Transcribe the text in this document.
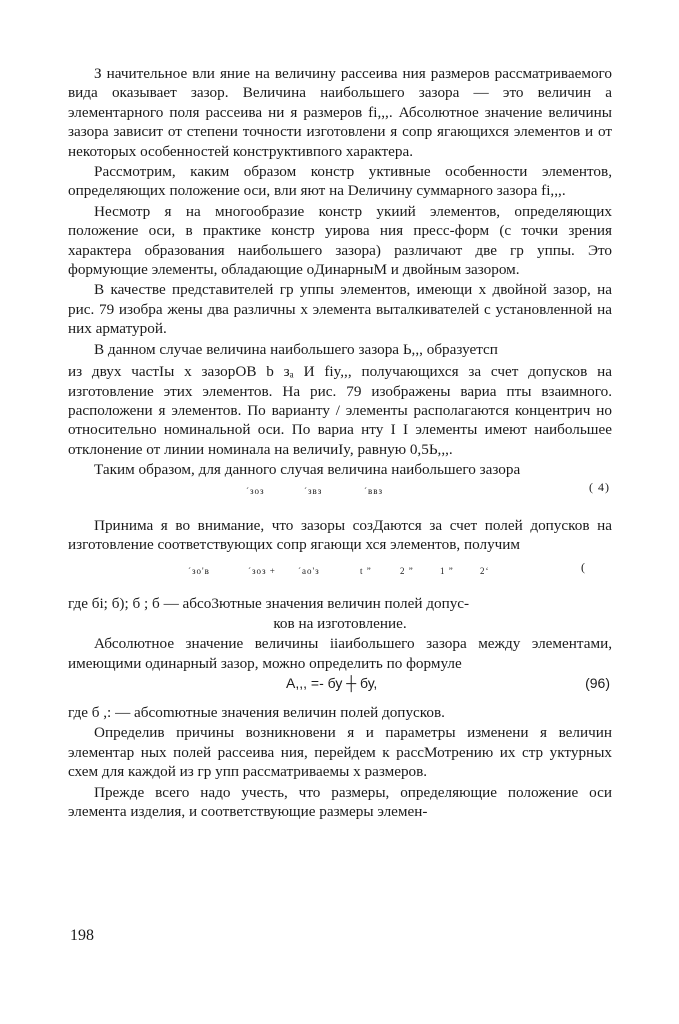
З начительное вли яние на величину рассеива ния размеров рассматриваемого вида оказывает зазор. Величина наибольшего зазора — это величин а элементарного поля рассеива ни я размеров fi,,,. Абсолютное значение величины зазора зависит от степени точности изготовлени я сопр ягающихся элементов и от некоторых особенностей конструктивпого характера.

Рассмотрим, каким образом констр уктивные особенности элементов, определяющих положение оси, вли яют на Dеличину суммарного зазора fi,,,.

Несмотр я на многообразие констр укиий элементов, определяющих положение оси, в практике констр уирова ния пресс-форм (с точки зрения характера образования наибольшего зазора) различают две гр уппы. Это формующие элементы, обладающие оДинарныМ и двойным зазором.

В качестве представителей гр уппы элементов, имеющи х двойной зазор, на рис. 79 изобра жены два различны х элемента выталкивателей с установленной на них арматурой.

В данном случае величина наибольшего зазора Ь,,, образуетсп

из двух частIы х зазорОВ b зₐ И fiy,,, получающихся за счет допусков на изготовление этих элементов. На рис. 79 изображены вариа пты взаимного. расположени я элементов. По варианту / элементы располагаются концентрич но относительно номинальной оси. По вариа нту I I элементы имеют наибольшее отклонение от линии номинала на величиIy, равную 0,5Ь,,,.

Таким образом, для данного случая величина наибольшего зазора

´зоз	´звз	´ввз	( 4)

Принима я во внимание, что зазоры созДаются за счет полей допусков на изготовление соответствующих сопр ягающи хся элементов, получим

´зо'в	´зоз + ´ао'з	t ”	2 ”	1 ”	2‘	(

где бi; б); б ; б — абсо3ютные значения величин полей допус-

ков на изготовление.

Абсолютное значение величины iiаибольшего зазора между элементами, имеющими одинарный зазор, можно определить по формуле

A,,, =- бу ┼ бу,	(96)

где б ,: — абсоmютные значения величин полей допусков.

Определив причины возникновени я и параметры изменени я величин элементар ных полей рассеива ния, перейдем к расcМотрению их стр уктурных схем для каждой из гр упп рассматриваемы х размеров.

Прежде всего надо учесть, что размеры, определяющие положение оси элемента изделия, и соответствующие размеры элемен-

198
